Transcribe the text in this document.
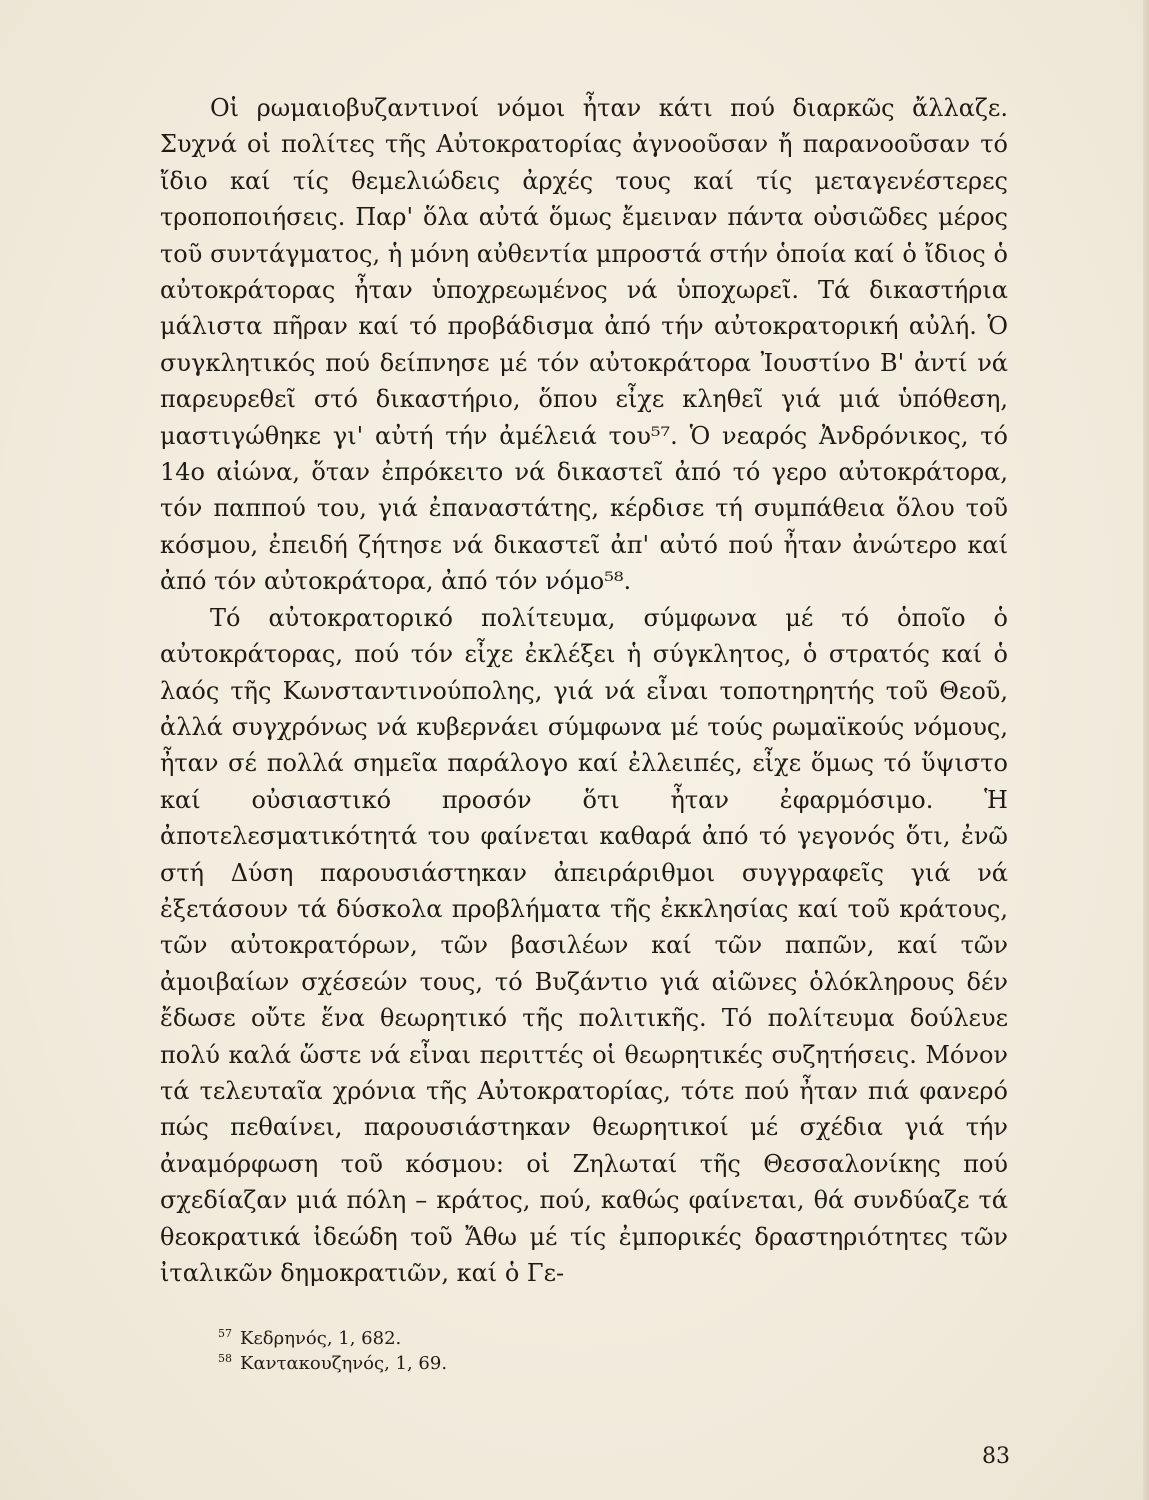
Οἱ ρωμαιοβυζαντινοί νόμοι ἦταν κάτι πού διαρκῶς ἄλλαζε. Συχνά οἱ πολίτες τῆς Αὐτοκρατορίας ἀγνοοῦσαν ἤ παρανοοῦσαν τό ἴδιο καί τίς θεμελιώδεις ἀρχές τους καί τίς μεταγενέστερες τροποποιήσεις. Παρ' ὅλα αὐτά ὅμως ἔμειναν πάντα οὐσιῶδες μέρος τοῦ συντάγματος, ἡ μόνη αὐθεντία μπροστά στήν ὁποία καί ὁ ἴδιος ὁ αὐτοκράτορας ἦταν ὑποχρεωμένος νά ὑποχωρεῖ. Τά δικαστήρια μάλιστα πῆραν καί τό προβάδισμα ἀπό τήν αὐτοκρατορική αὐλή. Ὁ συγκλητικός πού δείπνησε μέ τόν αὐτοκράτορα Ἰουστίνο Β' ἀντί νά παρευρεθεῖ στό δικαστήριο, ὅπου εἶχε κληθεῖ γιά μιά ὑπόθεση, μαστιγώθηκε γι' αὐτή τήν ἀμέλειά του⁵⁷. Ὁ νεαρός Ἀνδρόνικος, τό 14ο αἰώνα, ὅταν ἐπρόκειτο νά δικαστεῖ ἀπό τό γερο αὐτοκράτορα, τόν παππού του, γιά ἐπαναστάτης, κέρδισε τή συμπάθεια ὅλου τοῦ κόσμου, ἐπειδή ζήτησε νά δικαστεῖ ἀπ' αὐτό πού ἦταν ἀνώτερο καί ἀπό τόν αὐτοκράτορα, ἀπό τόν νόμο⁵⁸.

Τό αὐτοκρατορικό πολίτευμα, σύμφωνα μέ τό ὁποῖο ὁ αὐτοκράτορας, πού τόν εἶχε ἐκλέξει ἡ σύγκλητος, ὁ στρατός καί ὁ λαός τῆς Κωνσταντινούπολης, γιά νά εἶναι τοποτηρητής τοῦ Θεοῦ, ἀλλά συγχρόνως νά κυβερνάει σύμφωνα μέ τούς ρωμαϊκούς νόμους, ἦταν σέ πολλά σημεῖα παράλογο καί ἐλλειπές, εἶχε ὅμως τό ὕψιστο καί οὐσιαστικό προσόν ὅτι ἦταν ἐφαρμόσιμο. Ἡ ἀποτελεσματικότητά του φαίνεται καθαρά ἀπό τό γεγονός ὅτι, ἐνῶ στή Δύση παρουσιάστηκαν ἀπειράριθμοι συγγραφεῖς γιά νά ἐξετάσουν τά δύσκολα προβλήματα τῆς ἐκκλησίας καί τοῦ κράτους, τῶν αὐτοκρατόρων, τῶν βασιλέων καί τῶν παπῶν, καί τῶν ἀμοιβαίων σχέσεών τους, τό Βυζάντιο γιά αἰῶνες ὁλόκληρους δέν ἔδωσε οὔτε ἕνα θεωρητικό τῆς πολιτικῆς. Τό πολίτευμα δούλευε πολύ καλά ὥστε νά εἶναι περιττές οἱ θεωρητικές συζητήσεις. Μόνον τά τελευταῖα χρόνια τῆς Αὐτοκρατορίας, τότε πού ἦταν πιά φανερό πώς πεθαίνει, παρουσιάστηκαν θεωρητικοί μέ σχέδια γιά τήν ἀναμόρφωση τοῦ κόσμου: οἱ Ζηλωταί τῆς Θεσσαλονίκης πού σχεδίαζαν μιά πόλη – κράτος, πού, καθώς φαίνεται, θά συνδύαζε τά θεοκρατικά ἰδεώδη τοῦ Ἄθω μέ τίς ἐμπορικές δραστηριότητες τῶν ἰταλικῶν δημοκρατιῶν, καί ὁ Γε-

$^{57}$ Κεδρηνός, 1, 682.

$^{58}$ Καντακουζηνός, 1, 69.

83
